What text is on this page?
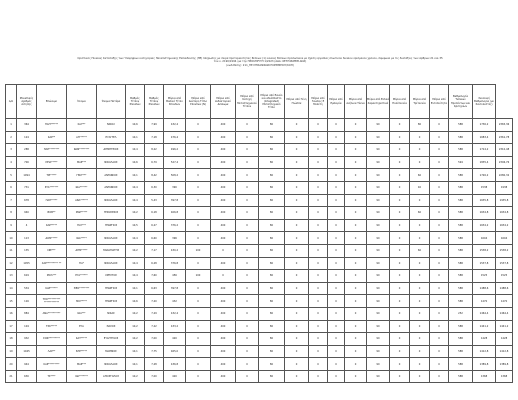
Οριστικός Πίνακας Κατάταξης των Υποψηφίων κατηγορίας Πανεπιστημιακής Εκπαίδευσης (ΠΕ) πλήρωσης με σειρά προτεραιότητας θέσεων (1) ενιαίας θέσεων προσωπικού με σχέση εργασίας ιδιωτικού δικαίου ορισμένου χρόνου, σύμφωνα με τις διατάξεις των άρθρων 21 και 35
του ν. 2190/1994 για την ΠΡΟΚΗΡΥΞΗ 1/2023 (ΑΔΑ: 6Ε7Η46ΜΘΘ-4ΩΧ)
(κωδ.θέσης: 211_ΠΕ ΜΗΧΑΝΙΚΩΝ ΠΟΡΘΜΕΙΟΥ/ΚΟΠ)
Α/Α	Μοναδικός Αριθμός Αίτησης	Επώνυμο	Όνομα	Όνομα Πατέρα	Βαθμός Τίτλου Σπουδών	Βαθμός Τίτλου Σπουδών	Μόρια από Βασικό Τίτλο Σπουδών	Μόρια από Δεύτερο Τίτλο Σπουδών (Ν)	Μόρια από Διδακτορικό Διπλωμα	Μόρια από Κατοχή Μεταπτυχιακού Τίτλου	Μόρια από Ενιαίο και αδιάσπαστο (Integrated) Μεταπτυχιακό Τίτλο	Μόρια από Ξένη Γλώσσα	Μόρια από Γνώσεις Ε Μελέτη	Μόρια από Εμπειρία	Μόρια από Ανήλικα Τέκνα	Μόρια από Ειδικά Χαρακτηριστικά	Μόρια από Πολύτεκνία	Μόρια από Τρίτεκνία	Μόρια από Εντοπιότητα	Βαθμολογία Τυπικών Προσόντων και Κριτηρίων	Συνολική Βαθμολογία (με Συντελεστές)	
1	364	ΠΑΠ******	ΚΑΙ***	ΝΙΚΟΛ	10,6	7,99	432,4	0	400	0	80	0	0	0	0	90	0	80	0	588	1736,2	2365,36
2	124	ΚΑΡ**	ΑΓΓ*****	ΕΥΑΓΓΕΛ	10,1	7,18	476,4	0	400	0	80	0	0	0	0	90	0	0	0	588	1683,4	2361,78
3	288	ΠΑΠ********	ΚΩΝ********	ΔΗΜΗΤΡΙΟΣ	10,4	8,22	496,2	0	400	0	80	0	0	0	0	90	0	0	0	588	1714,2	2310,48
4	700	ΜΠΑ*****	ΜΑΡ***	ΝΙΚΟΛΑΟΣ	10,6	6,79	527,4	0	400	0	80	0	0	0	0	90	0	0	0	594	1835,4	2306,76
5	1094	ΤΡΙ*****	ΓΕΩ****	ΑΝΤΩΝΙΟΣ	10,1	8,42	508,2	0	400	0	80	0	0	0	0	90	0	60	0	588	1726,2	2280,32
6	731	ΣΤΑ*******	ΙΩΑ******	ΑΝΤΩΝΙΟΣ	10,4	6,30	390	0	400	0	80	0	0	0	0	90	0	40	0	588	1538	1938
7	678	ΠΑΠ*****	ΑΝΑ******	ΝΙΚΟΛΑΟΣ	10,4	5,43	397,8	0	400	0	80	0	0	0	0	90	0	0	0	588	1635,8	1935,8
8	940	ΒΟΒ**	ΜΑΡ*****	ΓΕΡΑΣΙΜΟΣ	10,2	6,18	406,8	0	400	0	80	0	0	0	0	90	0	60	0	588	1634,8	1634,8
9	4	ΚΑΡ*****	ΠΑΥ***	ΓΕΩΡΓΙΟΣ	10,5	6,27	376,2	0	400	0	80	0	0	0	0	90	0	0	0	588	1634,2	1634,2
10	113	ΔΟΜ*****	ΙΩΑ*****	ΝΙΚΟΛΑΟΣ	10,4	6,60	396	0	400	0	80	0	0	0	0	90	0	0	0	588	1604	1604
11	135	ΙΦΕ***	ΔΗΜ*****	ΠΑΝΑΓΙΩΤΗΣ	10,2	7,17	430,2	100	0	0	80	0	0	0	0	90	0	60	0	588	1538,2	1538,2
12	1055	ΧΑΡ********* **	ΓΙΑ*	ΝΙΚΟΛΑΟΣ	10,4	6,28	376,8	0	400	0	80	0	0	0	0	90	0	0	0	588	1537,8	1537,8
13	619	ΜΟΛ***	ΕΥΑ******	ΧΡΗΣΤΟΣ	10,4	7,60	456	100	0	0	80	0	0	0	0	90	0	0	0	588	1525	1525
14	534	ΚΑΡ******	ΘΕΟ********	ΓΕΩΡΓΙΟΣ	10,1	6,63	397,8	0	400	0	80	0	0	0	0	90	0	0	0	588	1488,6	1488,6
15	116	ΤΣΟ********** ************	ΜΙΧ*****	ΓΕΩΡΓΙΟΣ	10,6	7,20	432	0	400	0	80	0	0	0	0	90	0	0	0	588	1470	1470
16	884	ΑΝΑ**********	ΙΩΑ***	ΝΙΚΑΣ	10,2	7,29	432,4	0	400	0	80	0	0	0	0	90	0	0	0	252	1464,4	1464,4
17	104	ΤΣΚ*****	ΕΥΑ	ΘΑΣΟΣ	10,2	7,22	433,2	0	400	0	80	0	0	0	0	90	0	0	0	588	1441,2	1441,2
18	932	ΣΟΦ*********	ΚΑΤ*****	ΕΥΑΓΓΕΛΟΣ	10,2	7,00	420	0	400	0	80	0	0	0	0	90	0	0	0	588	1428	1428
19	1045	ΛΑΡ**	ΕΛΕ*****	ΜΑΡΙΝΟΣ	10,1	7,75	465,0	0	400	0	80	0	0	0	0	90	0	0	0	588	1412,8	1412,8
20	944	ΚΑΡ*********	ΜΑΡ***	ΝΙΚΟΛΑΟΣ	10,1	7,28	436,8	0	400	0	80	0	0	0	0	90	0	0	0	588	1389,8	1389,8
21	630	ΤΣ****	ΙΑΚ*******	ΑΠΟΣΤΟΛΟΣ	10,2	7,00	420	0	400	0	80	0	0	0	0	90	0	0	0	588	1368	1368
